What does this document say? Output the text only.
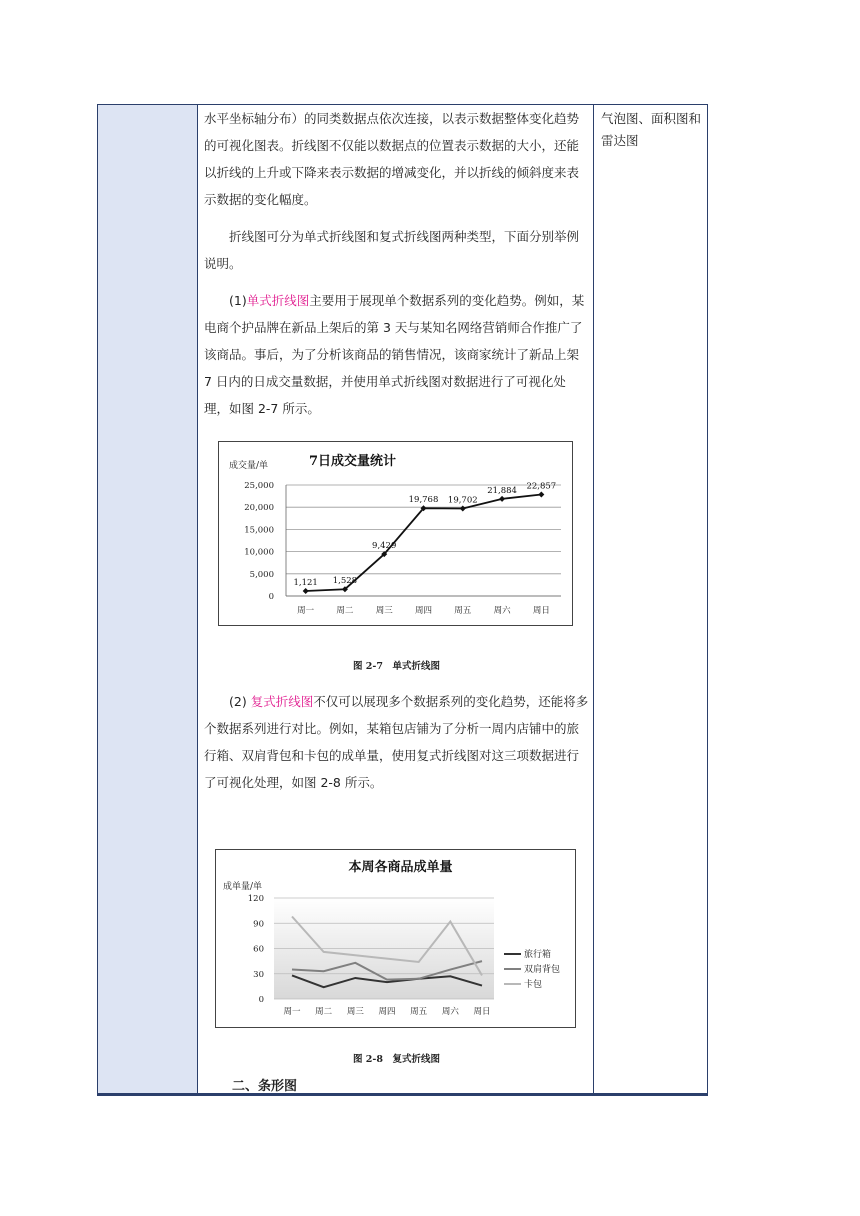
水平坐标轴分布）的同类数据点依次连接，以表示数据整体变化趋势的可视化图表。折线图不仅能以数据点的位置表示数据的大小，还能以折线的上升或下降来表示数据的增减变化，并以折线的倾斜度来表示数据的变化幅度。

折线图可分为单式折线图和复式折线图两种类型，下面分别举例说明。

(1)单式折线图主要用于展现单个数据系列的变化趋势。例如，某电商个护品牌在新品上架后的第 3 天与某知名网络营销师合作推广了该商品。事后，为了分析该商品的销售情况，该商家统计了新品上架 7 日内的日成交量数据，并使用单式折线图对数据进行了可视化处理，如图 2-7 所示。

气泡图、面积图和雷达图
成交量/单	7日成交量统计
0
5,000
10,000
15,000
20,000
25,000
周一	周二	周三	周四	周五	周六	周日
1,121 1,528
9,429
19,768 19,702
21,884 22,857
图 2-7　单式折线图

(2) 复式折线图不仅可以展现多个数据系列的变化趋势，还能将多个数据系列进行对比。例如，某箱包店铺为了分析一周内店铺中的旅行箱、双肩背包和卡包的成单量，使用复式折线图对这三项数据进行了可视化处理，如图 2-8 所示。

本周各商品成单量
成单量/单
0
30
60
90
120
周一 周二 周三 周四 周五 周六 周日
旅行箱
双肩背包
卡包
图 2-8　复式折线图
二、条形图
